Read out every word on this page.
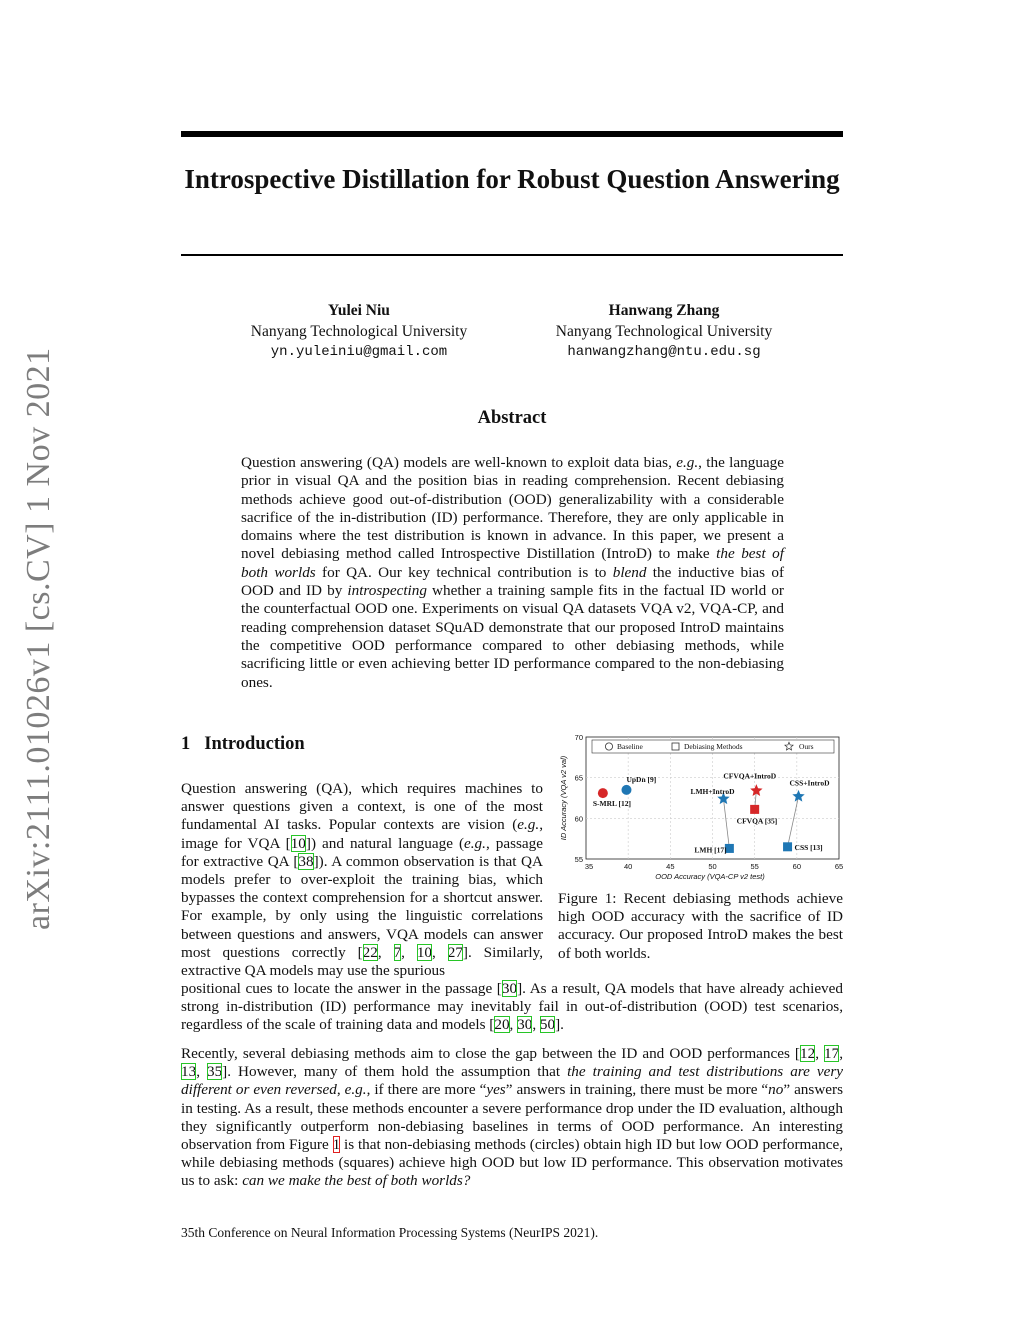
Introspective Distillation for Robust Question Answering
Yulei Niu
Nanyang Technological University
yn.yuleiniu@gmail.com
Hanwang Zhang
Nanyang Technological University
hanwangzhang@ntu.edu.sg
arXiv:2111.01026v1 [cs.CV] 1 Nov 2021	Abstract
Question answering (QA) models are well-known to exploit data bias, e.g., the language prior in visual QA and the position bias in reading comprehension. Recent debiasing methods achieve good out-of-distribution (OOD) generalizability with a considerable sacrifice of the in-distribution (ID) performance. Therefore, they are only applicable in domains where the test distribution is known in advance. In this paper, we present a novel debiasing method called Introspective Distillation (IntroD) to make the best of both worlds for QA. Our key technical contribution is to blend the inductive bias of OOD and ID by introspecting whether a training sample fits in the factual ID world or the counterfactual OOD one. Experiments on visual QA datasets VQA v2, VQA-CP, and reading comprehension dataset SQuAD demonstrate that our proposed IntroD maintains the competitive OOD performance compared to other debiasing methods, while sacrificing little or even achieving better ID performance compared to the non-debiasing ones.
1 Introduction
Question answering (QA), which requires machines to answer questions given a context, is one of the most fundamental AI tasks. Popular contexts are vision (e.g., image for VQA [10]) and natural language (e.g., passage for extractive QA [38]). A common observation is that QA models prefer to over-exploit the training bias, which bypasses the context comprehension for a shortcut answer. For example, by only using the linguistic correlations between questions and answers, VQA models can answer most questions correctly [22, 7, 10, 27]. Similarly, extractive QA models may use the spurious
positional cues to locate the answer in the passage [30]. As a result, QA models that have already achieved strong in-distribution (ID) performance may inevitably fail in out-of-distribution (OOD) test scenarios, regardless of the scale of training data and models [20, 30, 50].
Recently, several debiasing methods aim to close the gap between the ID and OOD performances [12, 17, 13, 35]. However, many of them hold the assumption that the training and test distributions are very different or even reversed, e.g., if there are more “yes” answers in training, there must be more “no” answers in testing. As a result, these methods encounter a severe performance drop under the ID evaluation, although they significantly outperform non-debiasing baselines in terms of OOD performance. An interesting observation from Figure 1 is that non-debiasing methods (circles) obtain high ID but low OOD performance, while debiasing methods (squares) achieve high OOD but low ID performance. This observation motivates us to ask: can we make the best of both worlds?
Baseline	Debiasing Methods	Ours
S-MRL [12]
UpDn [9]
LMH [17]	CSS [13]
CFVQA [35]
LMH+IntroD
CFVQA+IntroD
CSS+IntroD
35	40	45	50	55	60	65
55
60
65
70
OOD Accuracy (VQA-CP v2 test)
ID Accuracy (VQA v2 val)
Figure 1: Recent debiasing methods achieve high OOD accuracy with the sacrifice of ID accuracy. Our proposed IntroD makes the best of both worlds.
35th Conference on Neural Information Processing Systems (NeurIPS 2021).
